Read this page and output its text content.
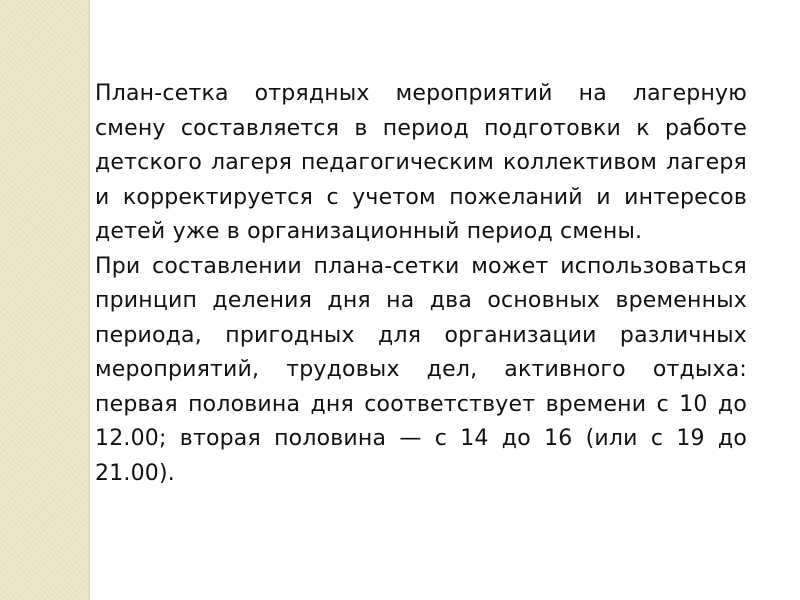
План-сетка отрядных мероприятий на лагерную смену составляется в период подготовки к работе детского лагеря педагогическим коллективом лагеря и корректируется с учетом пожеланий и интересов детей уже в организационный период смены.

При составлении плана-сетки может использоваться принцип деления дня на два основных временных периода, пригодных для организации различных мероприятий, трудовых дел, активного отдыха: первая половина дня соответствует времени с 10 до 12.00; вторая половина — с 14 до 16 (или с 19 до 21.00).
